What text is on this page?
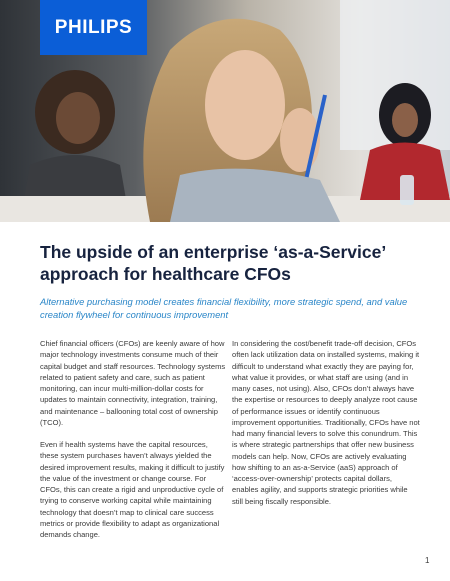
PHILIPS
The upside of an enterprise ‘as-a-Service’ approach for healthcare CFOs

Alternative purchasing model creates financial flexibility, more strategic spend, and value creation flywheel for continuous improvement

Chief financial officers (CFOs) are keenly aware of how major technology investments consume much of their capital budget and staff resources. Technology systems related to patient safety and care, such as patient monitoring, can incur multi-million-dollar costs for updates to maintain connectivity, integration, training, and maintenance – ballooning total cost of ownership (TCO).

Even if health systems have the capital resources, these system purchases haven’t always yielded the desired improvement results, making it difficult to justify the value of the investment or change course. For CFOs, this can create a rigid and unproductive cycle of trying to conserve working capital while maintaining technology that doesn’t map to clinical care success metrics or provide flexibility to adapt as organizational demands change.

In considering the cost/benefit trade-off decision, CFOs often lack utilization data on installed systems, making it difficult to understand what exactly they are paying for, what value it provides, or what staff are using (and in many cases, not using). Also, CFOs don’t always have the expertise or resources to deeply analyze root cause of performance issues or identify continuous improvement opportunities. Traditionally, CFOs have not had many financial levers to solve this conundrum. This is where strategic partnerships that offer new business models can help. Now, CFOs are actively evaluating how shifting to an as-a-Service (aaS) approach of ‘access-over-ownership’ protects capital dollars, enables agility, and supports strategic priorities while still being fiscally responsible.

1
